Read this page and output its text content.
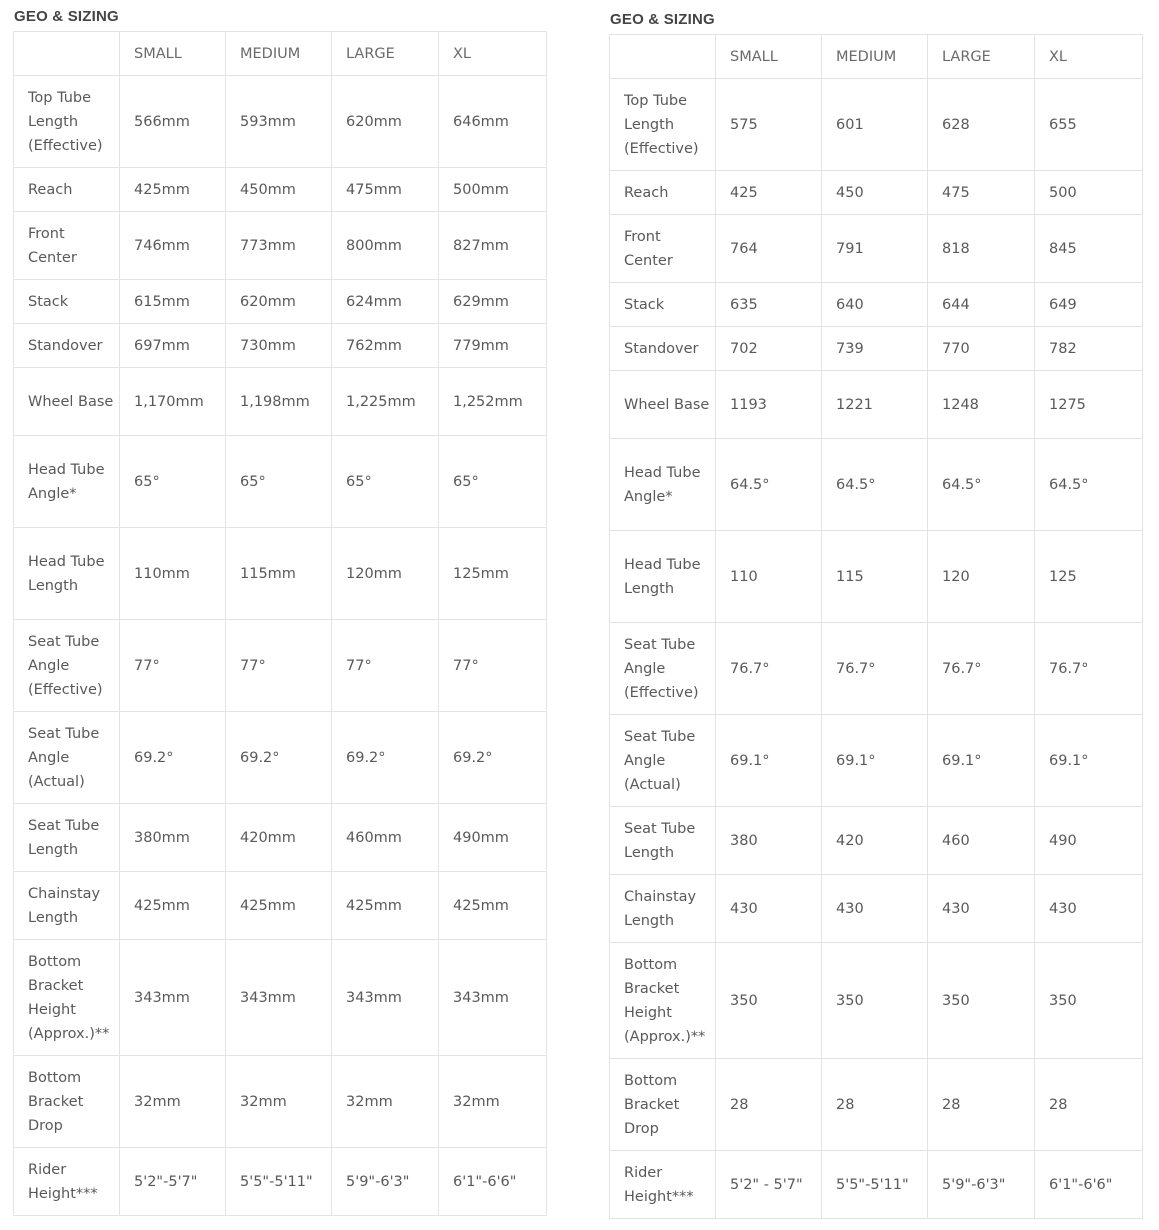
GEO & SIZING
	SMALL	MEDIUM	LARGE	XL
Top Tube Length (Effective)	566mm	593mm	620mm	646mm
Reach	425mm	450mm	475mm	500mm
Front Center	746mm	773mm	800mm	827mm
Stack	615mm	620mm	624mm	629mm
Standover	697mm	730mm	762mm	779mm
Wheel Base	1,170mm	1,198mm	1,225mm	1,252mm
Head Tube Angle*	65°	65°	65°	65°
Head Tube Length	110mm	115mm	120mm	125mm
Seat Tube Angle (Effective)	77°	77°	77°	77°
Seat Tube Angle (Actual)	69.2°	69.2°	69.2°	69.2°
Seat Tube Length	380mm	420mm	460mm	490mm
Chainstay Length	425mm	425mm	425mm	425mm
Bottom Bracket Height (Approx.)**	343mm	343mm	343mm	343mm
Bottom Bracket Drop	32mm	32mm	32mm	32mm
Rider Height***	5'2"-5'7"	5'5"-5'11"	5'9"-6'3"	6'1"-6'6"
GEO & SIZING
	SMALL	MEDIUM	LARGE	XL
Top Tube Length (Effective)	575	601	628	655
Reach	425	450	475	500
Front Center	764	791	818	845
Stack	635	640	644	649
Standover	702	739	770	782
Wheel Base	1193	1221	1248	1275
Head Tube Angle*	64.5°	64.5°	64.5°	64.5°
Head Tube Length	110	115	120	125
Seat Tube Angle (Effective)	76.7°	76.7°	76.7°	76.7°
Seat Tube Angle (Actual)	69.1°	69.1°	69.1°	69.1°
Seat Tube Length	380	420	460	490
Chainstay Length	430	430	430	430
Bottom Bracket Height (Approx.)**	350	350	350	350
Bottom Bracket Drop	28	28	28	28
Rider Height***	5'2" - 5'7"	5'5"-5'11"	5'9"-6'3"	6'1"-6'6"
